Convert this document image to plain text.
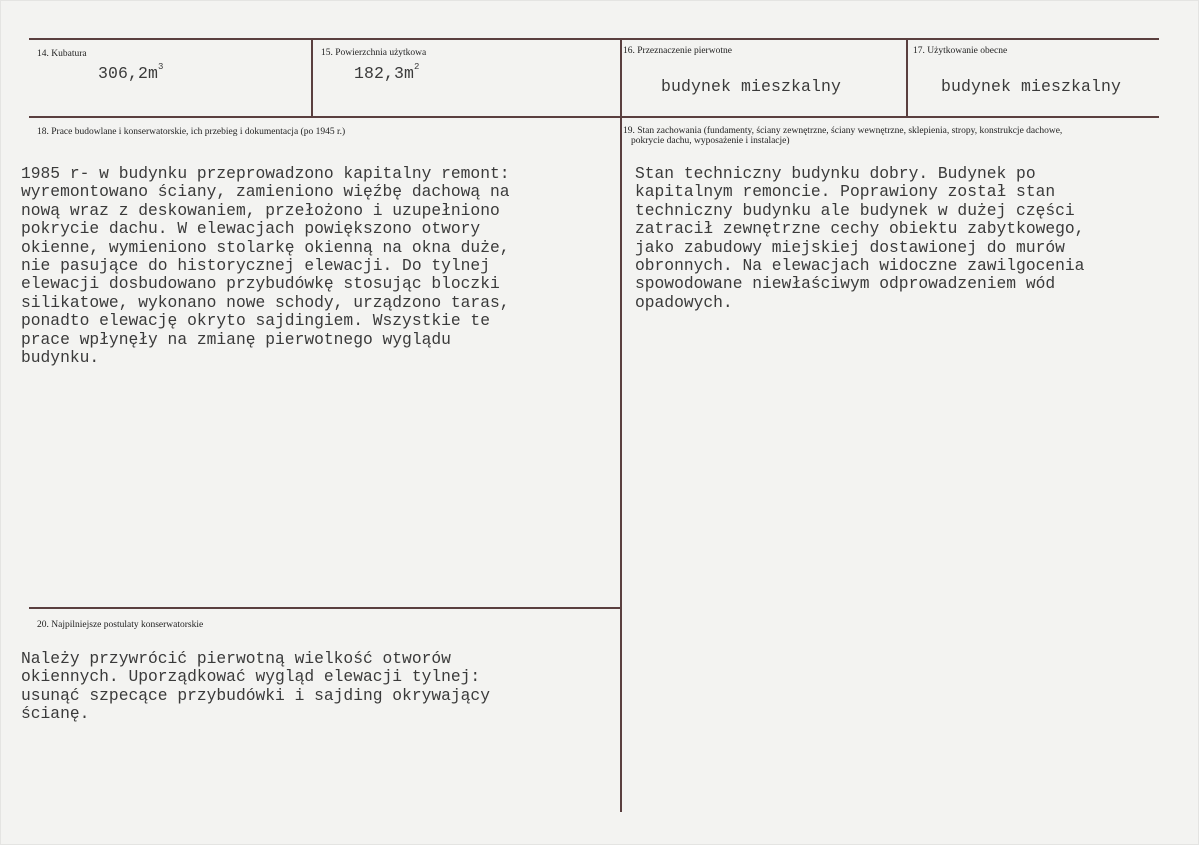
14. Kubatura
$306,2m^3$
15. Powierzchnia użytkowa
$182,3m^2$
16. Przeznaczenie pierwotne
budynek mieszkalny
17. Użytkowanie obecne
budynek mieszkalny
18. Prace budowlane i konserwatorskie, ich przebieg i dokumentacja (po 1945 r.)
1985 r- w budynku przeprowadzono kapitalny remont:
wyremontowano ściany, zamieniono więźbę dachową na
nową wraz z deskowaniem, przełożono i uzupełniono
pokrycie dachu. W elewacjach powiększono otwory
okienne, wymieniono stolarkę okienną na okna duże,
nie pasujące do historycznej elewacji. Do tylnej
elewacji dosbudowano przybudówkę stosując bloczki
silikatowe, wykonano nowe schody, urządzono taras,
ponadto elewację okryto sajdingiem. Wszystkie te
prace wpłynęły na zmianę pierwotnego wyglądu
budynku.
19. Stan zachowania (fundamenty, ściany zewnętrzne, ściany wewnętrzne, sklepienia, stropy, konstrukcje dachowe,
pokrycie dachu, wyposażenie i instalacje)
Stan techniczny budynku dobry. Budynek po
kapitalnym remoncie. Poprawiony został stan
techniczny budynku ale budynek w dużej części
zatracił zewnętrzne cechy obiektu zabytkowego,
jako zabudowy miejskiej dostawionej do murów
obronnych. Na elewacjach widoczne zawilgocenia
spowodowane niewłaściwym odprowadzeniem wód
opadowych.
20. Najpilniejsze postulaty konserwatorskie
Należy przywrócić pierwotną wielkość otworów
okiennych. Uporządkować wygląd elewacji tylnej:
usunąć szpecące przybudówki i sajding okrywający
ścianę.
